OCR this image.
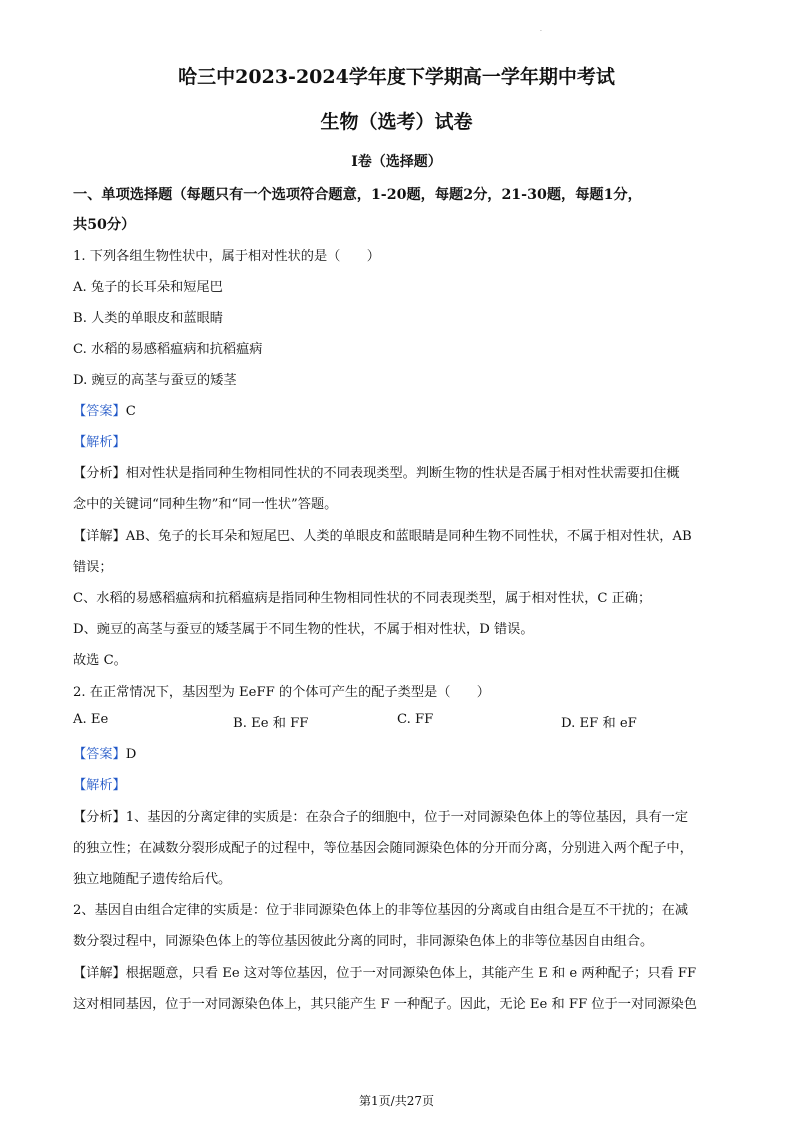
·
哈三中2023-2024学年度下学期高一学年期中考试
生物（选考）试卷
Ⅰ卷（选择题）
一、单项选择题（每题只有一个选项符合题意，1-20题，每题2分，21-30题，每题1分，
共50分）
1. 下列各组生物性状中，属于相对性状的是（　　）
A. 兔子的长耳朵和短尾巴
B. 人类的单眼皮和蓝眼睛
C. 水稻的易感稻瘟病和抗稻瘟病
D. 豌豆的高茎与蚕豆的矮茎
【答案】C
【解析】
【分析】相对性状是指同种生物相同性状的不同表现类型。判断生物的性状是否属于相对性状需要扣住概
念中的关键词“同种生物”和“同一性状”答题。
【详解】AB、兔子的长耳朵和短尾巴、人类的单眼皮和蓝眼睛是同种生物不同性状，不属于相对性状，AB
错误；
C、水稻的易感稻瘟病和抗稻瘟病是指同种生物相同性状的不同表现类型，属于相对性状，C 正确；
D、豌豆的高茎与蚕豆的矮茎属于不同生物的性状，不属于相对性状，D 错误。
故选 C。
2. 在正常情况下，基因型为 EeFF 的个体可产生的配子类型是（　　）
A. Ee	B. Ee 和 FF	C. FF	D. EF 和 eF
【答案】D
【解析】
【分析】1、基因的分离定律的实质是：在杂合子的细胞中，位于一对同源染色体上的等位基因，具有一定
的独立性；在减数分裂形成配子的过程中，等位基因会随同源染色体的分开而分离，分别进入两个配子中，
独立地随配子遗传给后代。
2、基因自由组合定律的实质是：位于非同源染色体上的非等位基因的分离或自由组合是互不干扰的；在减
数分裂过程中，同源染色体上的等位基因彼此分离的同时，非同源染色体上的非等位基因自由组合。
【详解】根据题意，只看 Ee 这对等位基因，位于一对同源染色体上，其能产生 E 和 e 两种配子；只看 FF
这对相同基因，位于一对同源染色体上，其只能产生 F 一种配子。因此，无论 Ee 和 FF 位于一对同源染色
第1页/共27页
